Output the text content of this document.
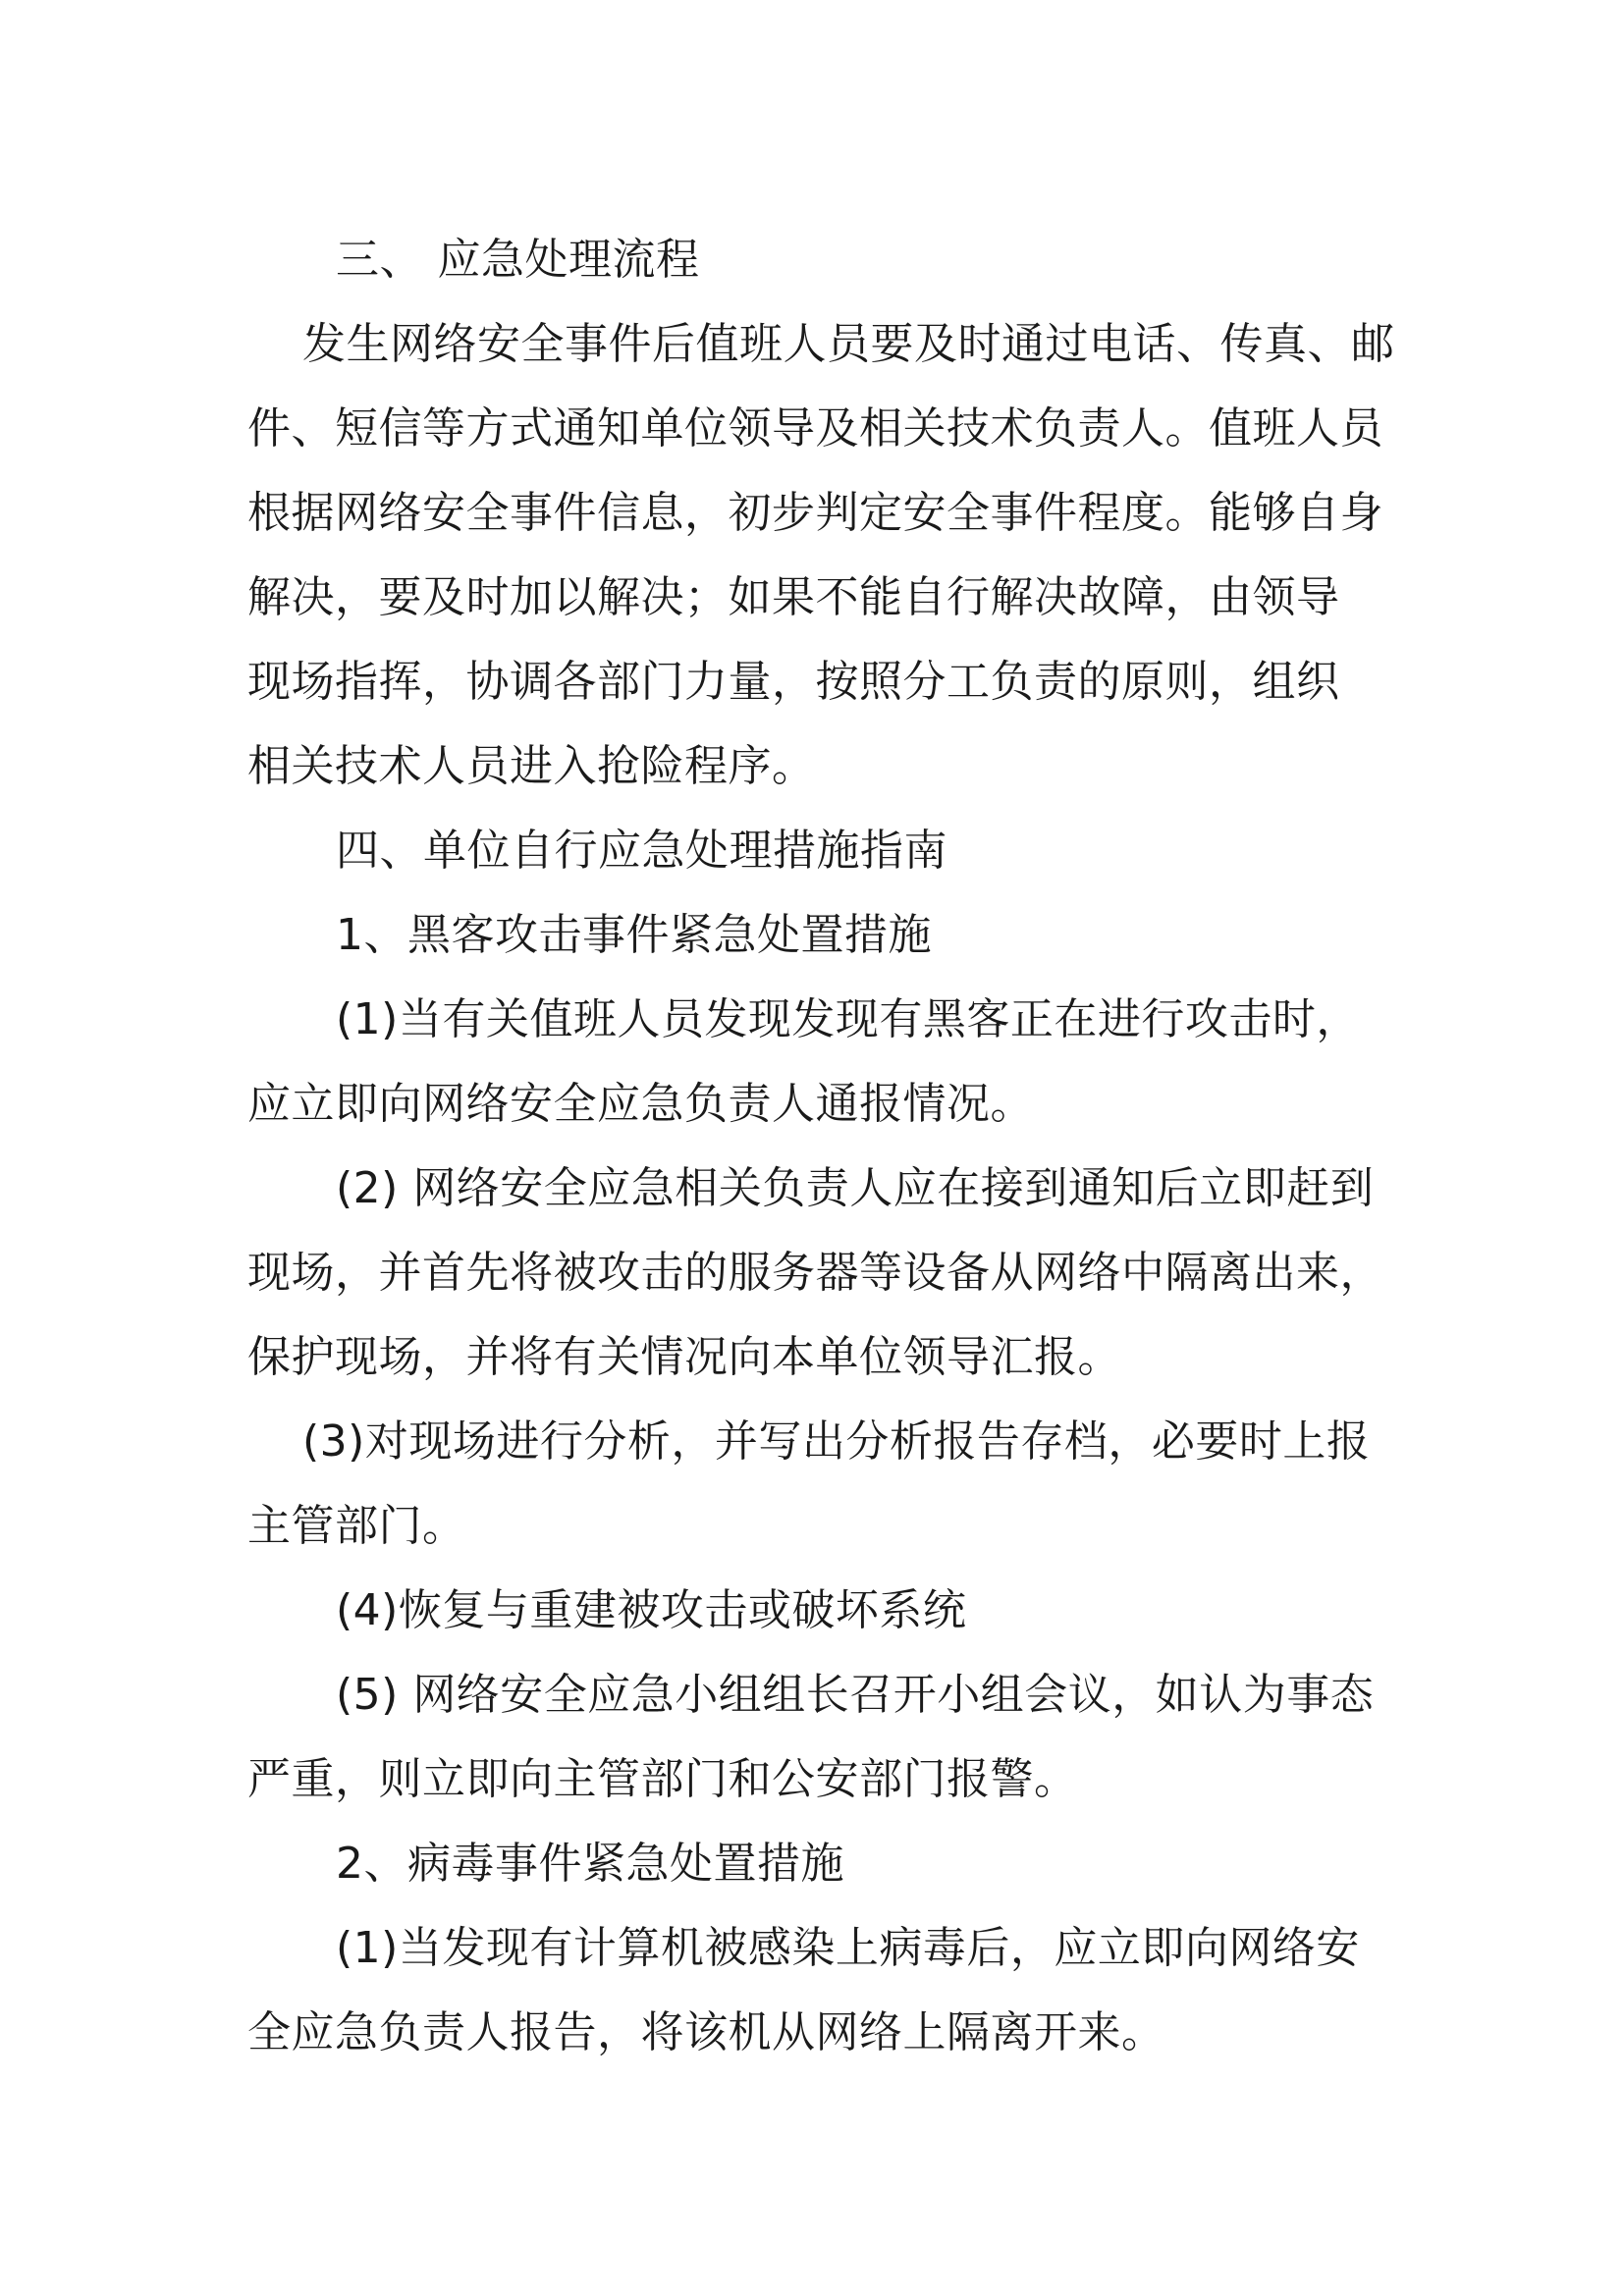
三、 应急处理流程
发生网络安全事件后值班人员要及时通过电话、传真、邮
件、短信等方式通知单位领导及相关技术负责人。值班人员
根据网络安全事件信息，初步判定安全事件程度。能够自身
解决，要及时加以解决；如果不能自行解决故障，由领导
现场指挥，协调各部门力量，按照分工负责的原则，组织
相关技术人员进入抢险程序。
四、单位自行应急处理措施指南
1、黑客攻击事件紧急处置措施
(1)当有关值班人员发现发现有黑客正在进行攻击时，
应立即向网络安全应急负责人通报情况。
(2) 网络安全应急相关负责人应在接到通知后立即赶到
现场，并首先将被攻击的服务器等设备从网络中隔离出来，
保护现场，并将有关情况向本单位领导汇报。
(3)对现场进行分析，并写出分析报告存档，必要时上报
主管部门。
(4)恢复与重建被攻击或破坏系统
(5) 网络安全应急小组组长召开小组会议，如认为事态
严重，则立即向主管部门和公安部门报警。
2、病毒事件紧急处置措施
(1)当发现有计算机被感染上病毒后，应立即向网络安
全应急负责人报告，将该机从网络上隔离开来。
